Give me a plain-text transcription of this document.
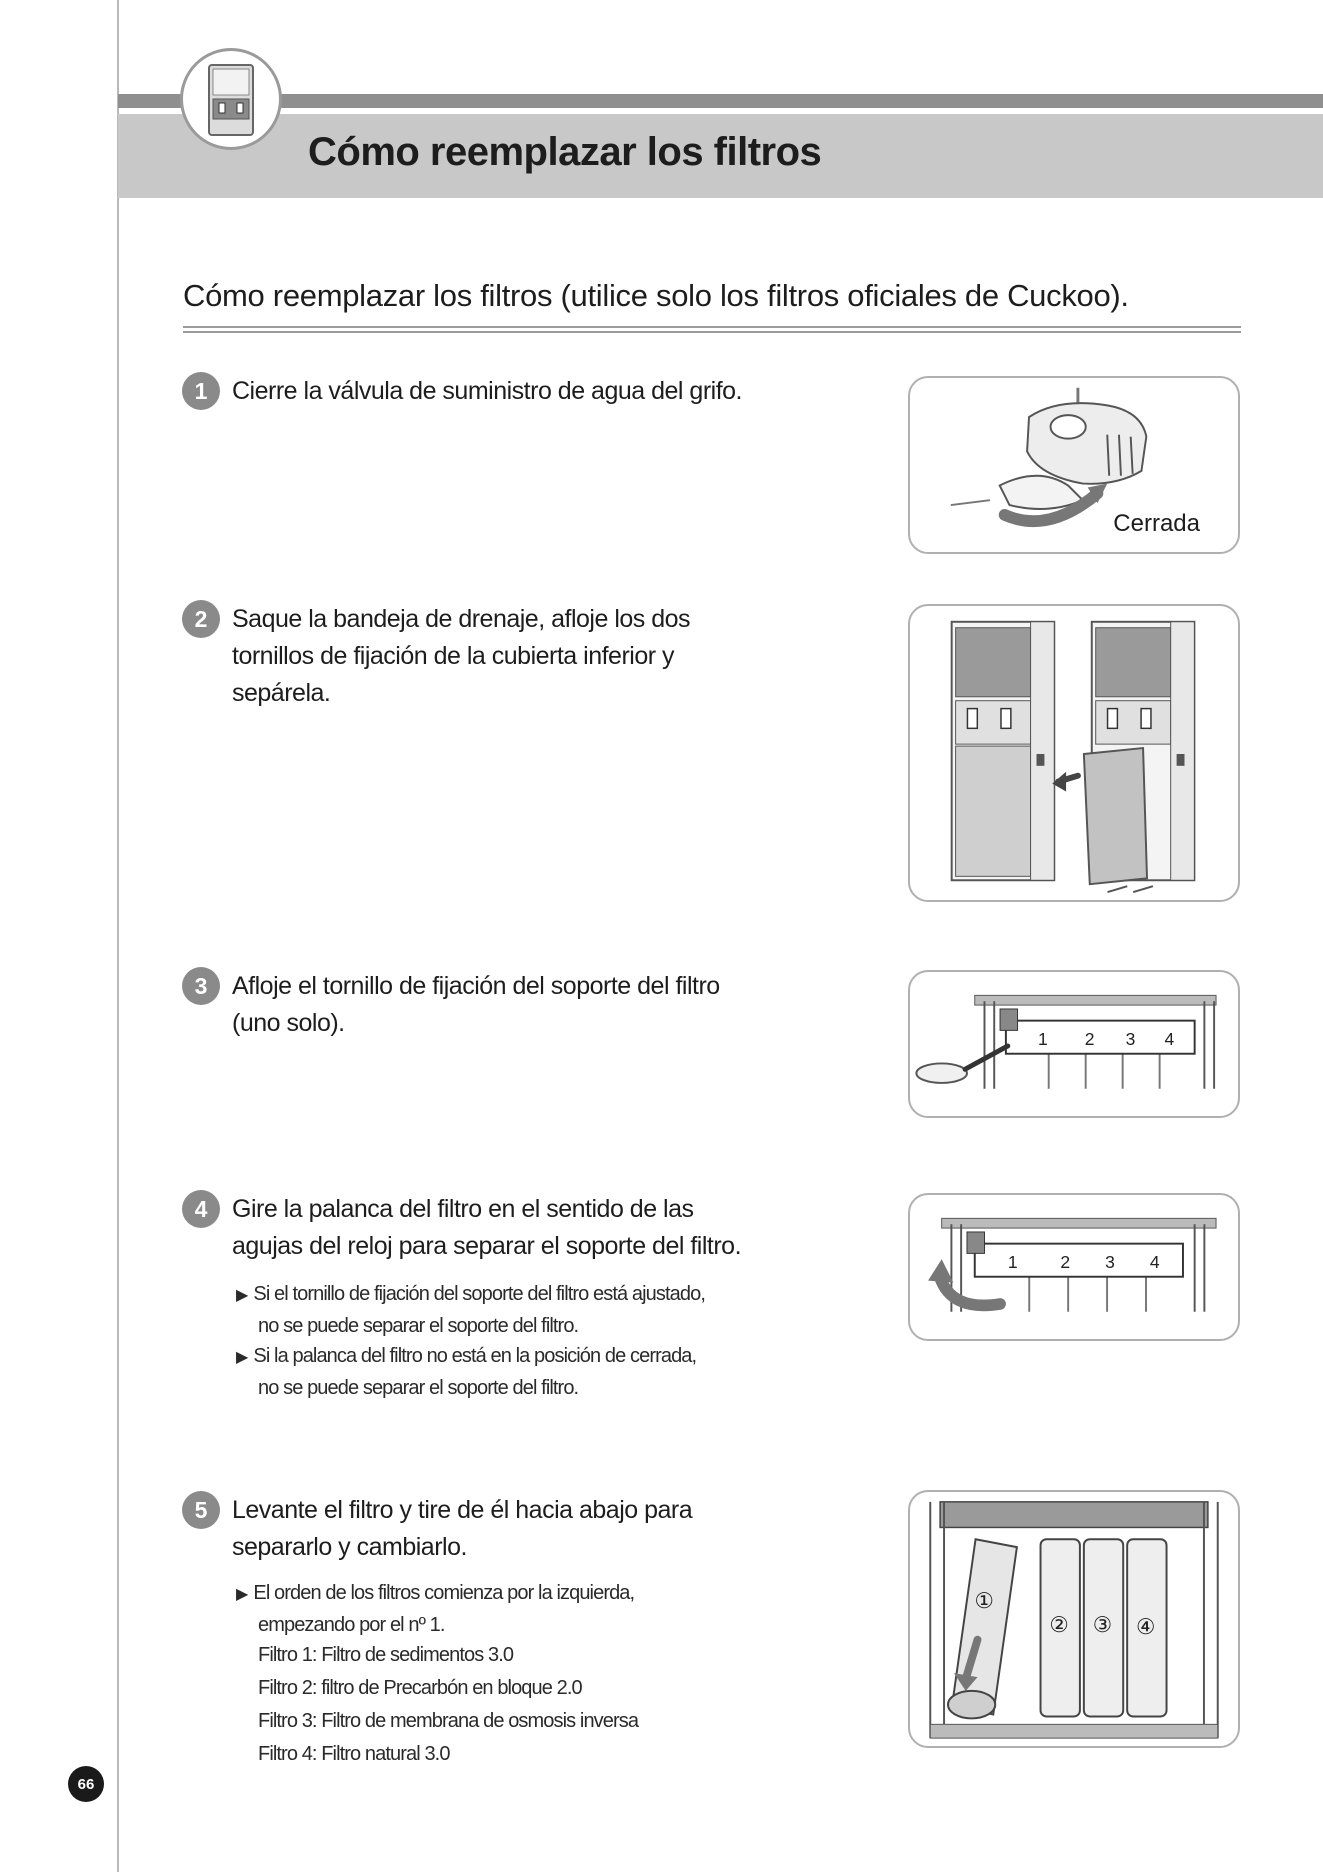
Cómo reemplazar los filtros
Cómo reemplazar los filtros (utilice solo los filtros oficiales de Cuckoo).
1 Cierre la válvula de suministro de agua del grifo.
Cerrada
2 Saque la bandeja de drenaje, afloje los dos
tornillos de fijación de la cubierta inferior y
sepárela.
3 Afloje el tornillo de fijación del soporte del filtro
(uno solo).
1 2 3 4
4 Gire la palanca del filtro en el sentido de las
agujas del reloj para separar el soporte del filtro.
▶ Si el tornillo de fijación del soporte del filtro está ajustado,
no se puede separar el soporte del filtro.
▶ Si la palanca del filtro no está en la posición de cerrada,
no se puede separar el soporte del filtro.
1 2 3 4
5 Levante el filtro y tire de él hacia abajo para
separarlo y cambiarlo.
▶ El orden de los filtros comienza por la izquierda,
empezando por el nº 1.
Filtro 1: Filtro de sedimentos 3.0
Filtro 2: filtro de Precarbón en bloque 2.0
Filtro 3: Filtro de membrana de osmosis inversa
Filtro 4: Filtro natural 3.0
①
② ③ ④
66
